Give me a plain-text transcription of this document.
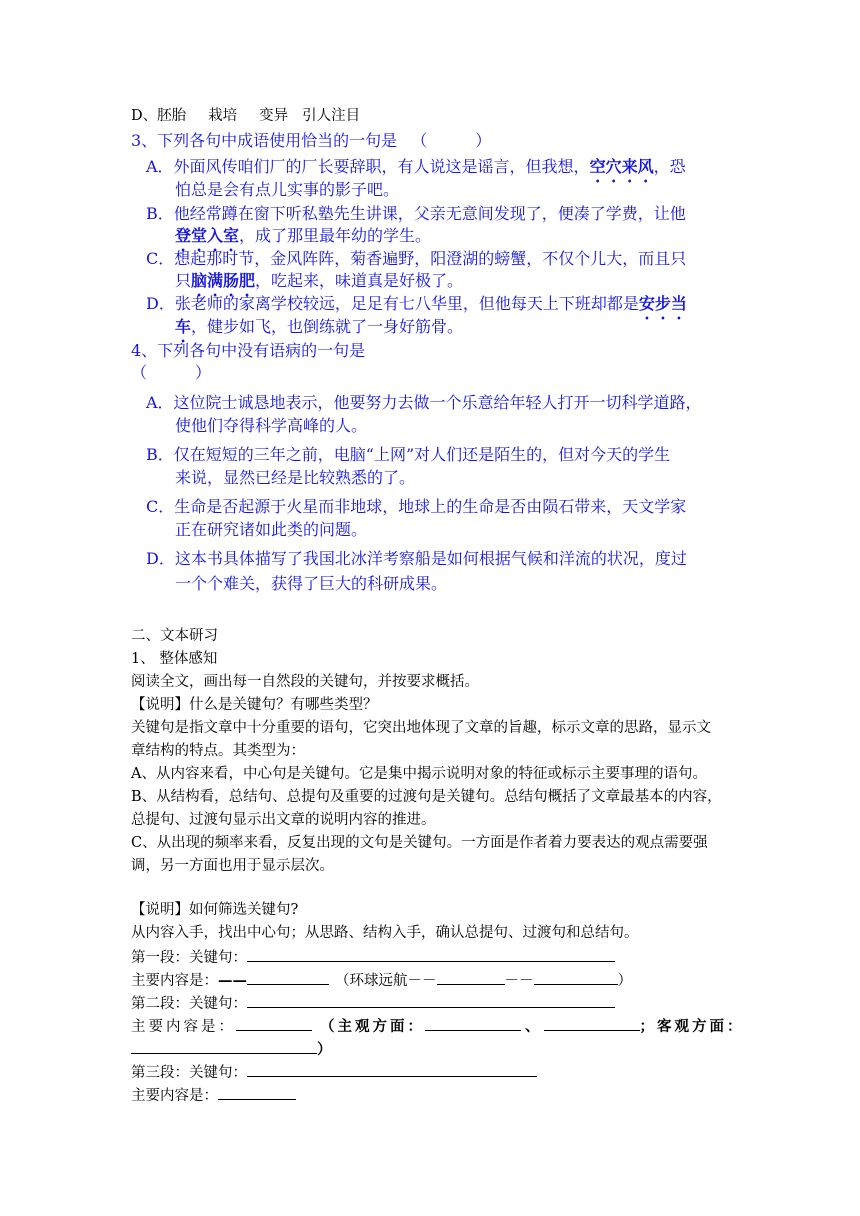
D、胚胎 栽培 变异 引人注目
3、下列各句中成语使用恰当的一句是 （　　　）
A．外面风传咱们厂的厂长要辞职，有人说这是谣言，但我想，空穴来风，恐
怕总是会有点儿实事的影子吧。
B．他经常蹲在窗下听私塾先生讲课，父亲无意间发现了，便凑了学费，让他
登堂入室，成了那里最年幼的学生。
C．想起那时节，金风阵阵，菊香遍野，阳澄湖的螃蟹，不仅个儿大，而且只
只脑满肠肥，吃起来，味道真是好极了。
D．张老师的家离学校较远，足足有七八华里，但他每天上下班却都是安步当
车，健步如飞，也倒练就了一身好筋骨。
4、下列各句中没有语病的一句是
（　　　）
A．这位院士诚恳地表示，他要努力去做一个乐意给年轻人打开一切科学道路，
使他们夺得科学高峰的人。
B．仅在短短的三年之前，电脑“上网”对人们还是陌生的，但对今天的学生
来说，显然已经是比较熟悉的了。
C．生命是否起源于火星而非地球，地球上的生命是否由陨石带来，天文学家
正在研究诸如此类的问题。
D．这本书具体描写了我国北冰洋考察船是如何根据气候和洋流的状况，度过
一个个难关，获得了巨大的科研成果。
二、文本研习
1、 整体感知
阅读全文，画出每一自然段的关键句，并按要求概括。
【说明】什么是关键句？有哪些类型？
关键句是指文章中十分重要的语句，它突出地体现了文章的旨趣，标示文章的思路，显示文
章结构的特点。其类型为：
A、从内容来看，中心句是关键句。它是集中揭示说明对象的特征或标示主要事理的语句。
B、从结构看，总结句、总提句及重要的过渡句是关键句。总结句概括了文章最基本的内容，
总提句、过渡句显示出文章的说明内容的推进。
C、从出现的频率来看，反复出现的文句是关键句。一方面是作者着力要表达的观点需要强
调，另一方面也用于显示层次。
【说明】如何筛选关键句?
从内容入手，找出中心句；从思路、结构入手，确认总提句、过渡句和总结句。
第一段：关键句：
主要内容是：——	（环球远航－－	－－	）
第二段：关键句：
主要内容是：	（主观方面：	、	；客观方面：
）
第三段：关键句：
主要内容是：
